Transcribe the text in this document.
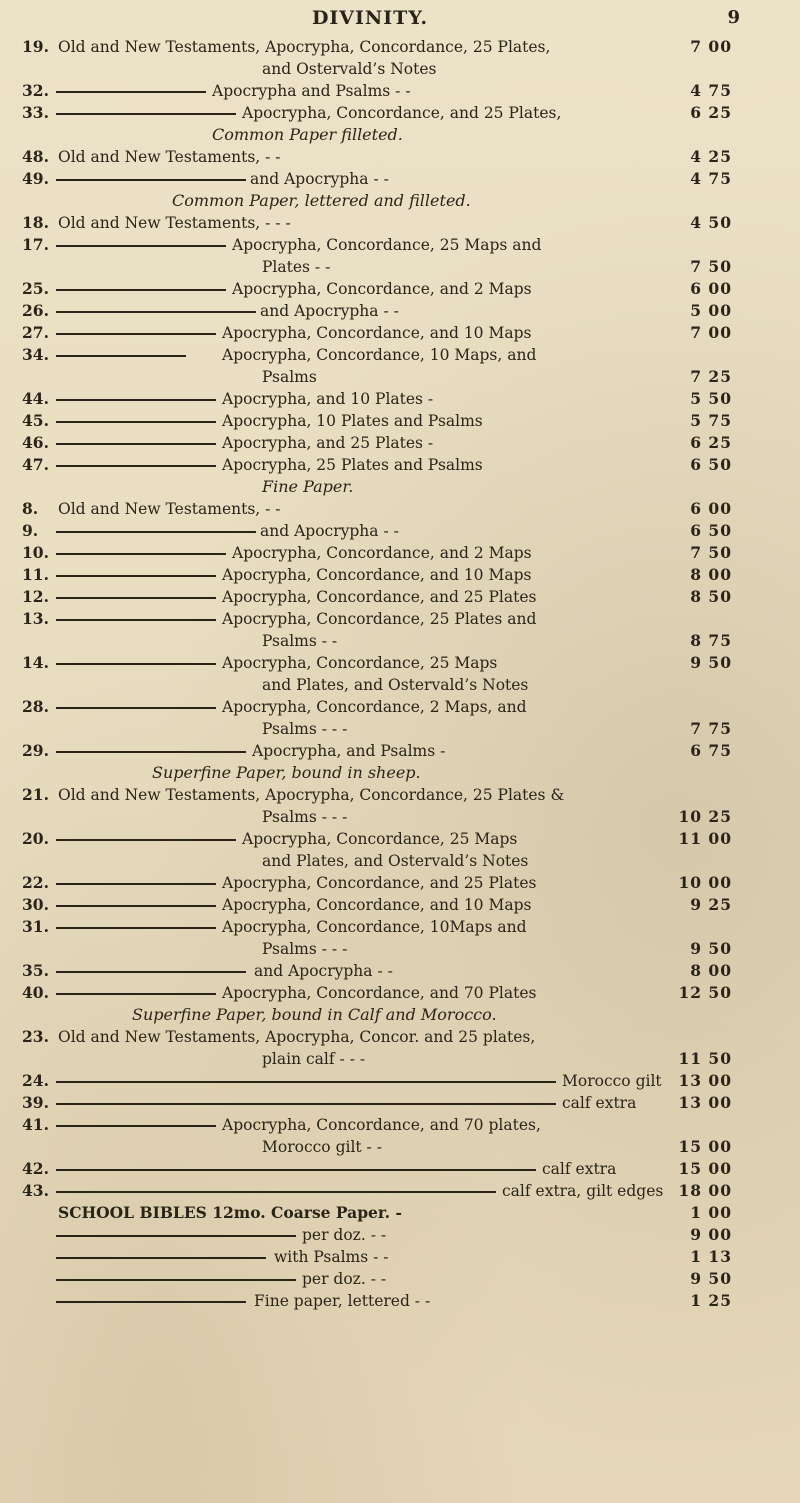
DIVINITY.	9
19. Old and New Testaments, Apocrypha, Concordance, 25 Plates,	7 00
and Ostervald’s Notes
32.	Apocrypha and Psalms - -	4 75
33.	Apocrypha, Concordance, and 25 Plates,	6 25
Common Paper filleted.
48. Old and New Testaments, - -	4 25
49.	and Apocrypha - -	4 75
Common Paper, lettered and filleted.
18. Old and New Testaments, - - -	4 50
17.	Apocrypha, Concordance, 25 Maps and
Plates - -	7 50
25.	Apocrypha, Concordance, and 2 Maps	6 00
26.	and Apocrypha - -	5 00
27.	Apocrypha, Concordance, and 10 Maps	7 00
34.	Apocrypha, Concordance, 10 Maps, and
Psalms	7 25
44.	Apocrypha, and 10 Plates -	5 50
45.	Apocrypha, 10 Plates and Psalms	5 75
46.	Apocrypha, and 25 Plates -	6 25
47.	Apocrypha, 25 Plates and Psalms	6 50
Fine Paper.
8.	Old and New Testaments, - -	6 00
9.	and Apocrypha - -	6 50
10.	Apocrypha, Concordance, and 2 Maps	7 50
11.	Apocrypha, Concordance, and 10 Maps	8 00
12.	Apocrypha, Concordance, and 25 Plates	8 50
13.	Apocrypha, Concordance, 25 Plates and
Psalms - -	8 75
14.	Apocrypha, Concordance, 25 Maps	9 50
and Plates, and Ostervald’s Notes
28.	Apocrypha, Concordance, 2 Maps, and
Psalms - - -	7 75
29.	Apocrypha, and Psalms -	6 75
Superfine Paper, bound in sheep.
21. Old and New Testaments, Apocrypha, Concordance, 25 Plates &
Psalms - - -	10 25
20.	Apocrypha, Concordance, 25 Maps	11 00
and Plates, and Ostervald’s Notes
22.	Apocrypha, Concordance, and 25 Plates	10 00
30.	Apocrypha, Concordance, and 10 Maps	9 25
31.	Apocrypha, Concordance, 10Maps and
Psalms - - -	9 50
35.	and Apocrypha - -	8 00
40.	Apocrypha, Concordance, and 70 Plates	12 50
Superfine Paper, bound in Calf and Morocco.
23. Old and New Testaments, Apocrypha, Concor. and 25 plates,
plain calf - - -	11 50
24.	Morocco gilt	13 00
39.	calf extra	13 00
41.	Apocrypha, Concordance, and 70 plates,
Morocco gilt - -	15 00
42.	calf extra	15 00
43.	calf extra, gilt edges 18 00
SCHOOL BIBLES 12mo. Coarse Paper. -	1 00
per doz. - -	9 00
with Psalms - -	1 13
per doz. - -	9 50
Fine paper, lettered - -	1 25
